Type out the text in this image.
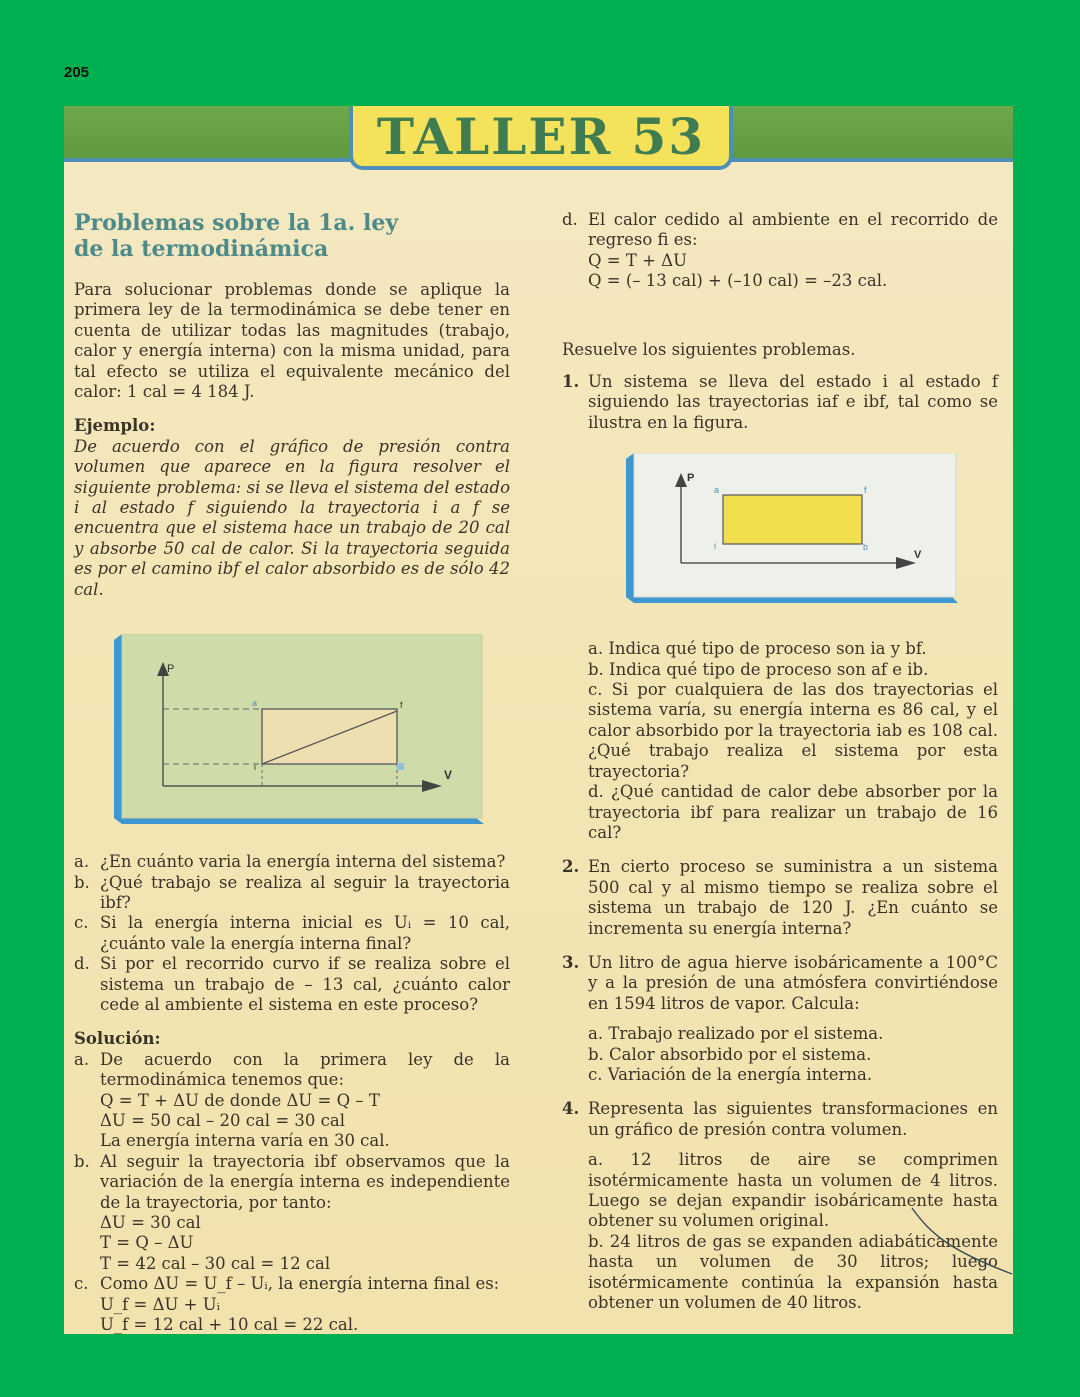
205
TALLER 53
Problemas sobre la 1a. ley
de la termodinámica

Para solucionar problemas donde se aplique la primera ley de la termodinámica se debe tener en cuenta de utilizar todas las magnitudes (trabajo, calor y energía interna) con la misma unidad, para tal efecto se utiliza el equivalente mecánico del calor: 1 cal = 4 184 J.

Ejemplo:

De acuerdo con el gráfico de presión contra volumen que aparece en la figura resolver el siguiente problema: si se lleva el sistema del estado i al estado f siguiendo la trayectoria i a f se encuentra que el sistema hace un trabajo de 20 cal y absorbe 50 cal de calor. Si la trayectoria seguida es por el camino ibf el calor absorbido es de sólo 42 cal.

P
V
a	f
i
a. ¿En cuánto varia la energía interna del sistema?
b. ¿Qué trabajo se realiza al seguir la trayectoria ibf?
c. Si la energía interna inicial es Uᵢ = 10 cal, ¿cuánto vale la energía interna final?
d. Si por el recorrido curvo if se realiza sobre el sistema un trabajo de – 13 cal, ¿cuánto calor cede al ambiente el sistema en este proceso?
Solución:
a. De acuerdo con la primera ley de la termodinámica tenemos que:
Q = T + ΔU de donde ΔU = Q – T
ΔU = 50 cal – 20 cal = 30 cal
La energía interna varía en 30 cal.
b. Al seguir la trayectoria ibf observamos que la variación de la energía interna es independiente de la trayectoria, por tanto:
ΔU = 30 cal
T = Q – ΔU
T = 42 cal – 30 cal = 12 cal
c. Como ΔU = U_f – Uᵢ, la energía interna final es:
U_f = ΔU + Uᵢ
U_f = 12 cal + 10 cal = 22 cal.
d. El calor cedido al ambiente en el recorrido de regreso fi es:
Q = T + ΔU
Q = (– 13 cal) + (–10 cal) = –23 cal.
Resuelve los siguientes problemas.
1. Un sistema se lleva del estado i al estado f siguiendo las trayectorias iaf e ibf, tal como se ilustra en la figura.
P
V
a	f
i	b

a. Indica qué tipo de proceso son ia y bf.

b. Indica qué tipo de proceso son af e ib.

c. Si por cualquiera de las dos trayectorias el sistema varía, su energía interna es 86 cal, y el calor absorbido por la trayectoria iab es 108 cal. ¿Qué trabajo realiza el sistema por esta trayectoria?

d. ¿Qué cantidad de calor debe absorber por la trayectoria ibf para realizar un trabajo de 16 cal?

2. En cierto proceso se suministra a un sistema 500 cal y al mismo tiempo se realiza sobre el sistema un trabajo de 120 J. ¿En cuánto se incrementa su energía interna?
3. Un litro de agua hierve isobáricamente a 100°C y a la presión de una atmósfera convirtiéndose en 1594 litros de vapor. Calcula:

a. Trabajo realizado por el sistema.

b. Calor absorbido por el sistema.

c. Variación de la energía interna.

4. Representa las siguientes transformaciones en un gráfico de presión contra volumen.

a. 12 litros de aire se comprimen isotérmicamente hasta un volumen de 4 litros. Luego se dejan expandir isobáricamente hasta obtener su volumen original.

b. 24 litros de gas se expanden adiabáticamente hasta un volumen de 30 litros; luego isotérmicamente continúa la expansión hasta obtener un volumen de 40 litros.
